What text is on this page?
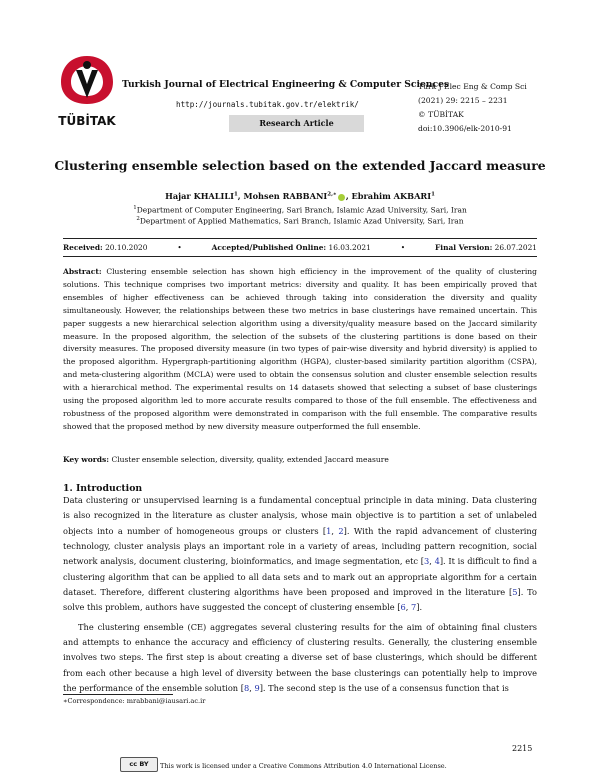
TÜBİTAK
Turkish Journal of Electrical Engineering & Computer Sciences
http://journals.tubitak.gov.tr/elektrik/
Research Article
Turk J Elec Eng & Comp Sci
(2021) 29: 2215 – 2231
© TÜBİTAK
doi:10.3906/elk-2010-91
Clustering ensemble selection based on the extended Jaccard measure
Hajar KHALILI$^1$, Mohsen $RABBANI^{2,∗}$ , Ebrahim AKBARI$^1$
$^1$Department of Computer Engineering, Sari Branch, Islamic Azad University, Sari, Iran
$^2$Department of Applied Mathematics, Sari Branch, Islamic Azad University, Sari, Iran
Received: 20.10.2020	•	Accepted/Published Online: 16.03.2021	•	Final Version: 26.07.2021
Abstract: Clustering ensemble selection has shown high efficiency in the improvement of the quality of clustering solutions. This technique comprises two important metrics: diversity and quality. It has been empirically proved that ensembles of higher effectiveness can be achieved through taking into consideration the diversity and quality simultaneously. However, the relationships between these two metrics in base clusterings have remained uncertain. This paper suggests a new hierarchical selection algorithm using a diversity/quality measure based on the Jaccard similarity measure. In the proposed algorithm, the selection of the subsets of the clustering partitions is done based on their diversity measures. The proposed diversity measure (in two types of pair-wise diversity and hybrid diversity) is applied to the proposed algorithm. Hypergraph-partitioning algorithm (HGPA), cluster-based similarity partition algorithm (CSPA), and meta-clustering algorithm (MCLA) were used to obtain the consensus solution and cluster ensemble selection results with a hierarchical method. The experimental results on 14 datasets showed that selecting a subset of base clusterings using the proposed algorithm led to more accurate results compared to those of the full ensemble. The effectiveness and robustness of the proposed algorithm were demonstrated in comparison with the full ensemble. The comparative results showed that the proposed method by new diversity measure outperformed the full ensemble.
Key words: Cluster ensemble selection, diversity, quality, extended Jaccard measure
1. Introduction

Data clustering or unsupervised learning is a fundamental conceptual principle in data mining. Data clustering is also recognized in the literature as cluster analysis, whose main objective is to partition a set of unlabeled objects into a number of homogeneous groups or clusters [1, 2]. With the rapid advancement of clustering technology, cluster analysis plays an important role in a variety of areas, including pattern recognition, social network analysis, document clustering, bioinformatics, and image segmentation, etc [3, 4]. It is difficult to find a clustering algorithm that can be applied to all data sets and to mark out an appropriate algorithm for a certain dataset. Therefore, different clustering algorithms have been proposed and improved in the literature [5]. To solve this problem, authors have suggested the concept of clustering ensemble [6, 7].

The clustering ensemble (CE) aggregates several clustering results for the aim of obtaining final clusters and attempts to enhance the accuracy and efficiency of clustering results. Generally, the clustering ensemble involves two steps. The first step is about creating a diverse set of base clusterings, which should be different from each other because a high level of diversity between the base clusterings can potentially help to improve the performance of the ensemble solution [8, 9]. The second step is the use of a consensus function that is

∗Correspondence: mrabbani@iausari.ac.ir
2215
cc BY	This work is licensed under a Creative Commons Attribution 4.0 International License.
